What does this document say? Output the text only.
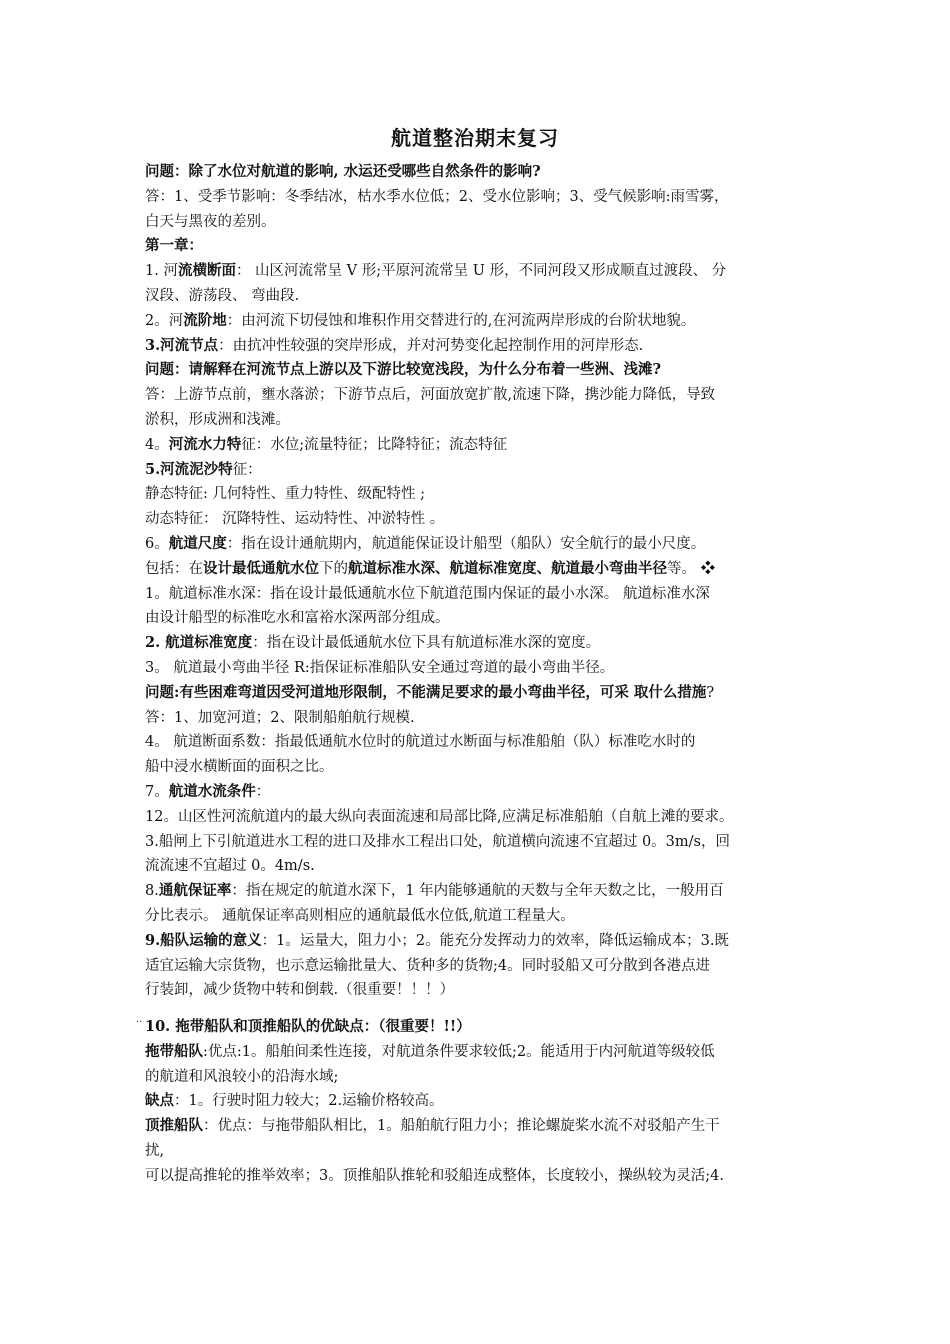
航道整治期末复习
问题：除了水位对航道的影响, 水运还受哪些自然条件的影响?
答：1、受季节影响：冬季结冰，枯水季水位低；2、受水位影响；3、受气候影响:雨雪雾，
白天与黑夜的差别。
第一章：
1. 河流横断面： 山区河流常呈 V 形;平原河流常呈 U 形，不同河段又形成顺直过渡段、 分
汊段、游荡段、 弯曲段.
2。河流阶地：由河流下切侵蚀和堆积作用交替进行的,在河流两岸形成的台阶状地貌。
3.河流节点：由抗冲性较强的突岸形成，并对河势变化起控制作用的河岸形态.
问题：请解释在河流节点上游以及下游比较宽浅段，为什么分布着一些洲、浅滩?
答：上游节点前，壅水落淤；下游节点后，河面放宽扩散,流速下降，携沙能力降低，导致
淤积，形成洲和浅滩。
4。河流水力特征：水位;流量特征；比降特征；流态特征
5.河流泥沙特征：
静态特征: 几何特性、重力特性、级配特性 ;
动态特征： 沉降特性、运动特性、冲淤特性 。
6。航道尺度：指在设计通航期内，航道能保证设计船型（船队）安全航行的最小尺度。
包括：在设计最低通航水位下的航道标准水深、航道标准宽度、航道最小弯曲半径等。 ❖
1。航道标准水深：指在设计最低通航水位下航道范围内保证的最小水深。 航道标准水深
由设计船型的标准吃水和富裕水深两部分组成。
2. 航道标准宽度：指在设计最低通航水位下具有航道标准水深的宽度。
3。 航道最小弯曲半径 R:指保证标准船队安全通过弯道的最小弯曲半径。
问题:有些困难弯道因受河道地形限制，不能满足要求的最小弯曲半径，可采 取什么措施?
答：1、加宽河道；2、限制船舶航行规模.
4。 航道断面系数：指最低通航水位时的航道过水断面与标准船舶（队）标准吃水时的
船中浸水横断面的面积之比。
7。航道水流条件：
12。山区性河流航道内的最大纵向表面流速和局部比降,应满足标准船舶（自航上滩的要求。
3.船闸上下引航道进水工程的进口及排水工程出口处，航道横向流速不宜超过 0。3m/s，回
流流速不宜超过 0。4m/s.
8.通航保证率：指在规定的航道水深下，1 年内能够通航的天数与全年天数之比，一般用百
分比表示。 通航保证率高则相应的通航最低水位低,航道工程量大。
9.船队运输的意义：1。运量大，阻力小；2。能充分发挥动力的效率，降低运输成本；3.既
适宜运输大宗货物，也示意运输批量大、货种多的货物;4。同时驳船又可分散到各港点进
行装卸，减少货物中转和倒载.（很重要！！！）
10. 拖带船队和顶推船队的优缺点：（很重要！!!）
拖带船队:优点:1。船舶间柔性连接，对航道条件要求较低;2。能适用于内河航道等级较低
的航道和风浪较小的沿海水域;
缺点：1。行驶时阻力较大；2.运输价格较高。
顶推船队：优点：与拖带船队相比，1。船舶航行阻力小；推论螺旋桨水流不对驳船产生干
扰,
可以提高推轮的推举效率；3。顶推船队推轮和驳船连成整体，长度较小，操纵较为灵活;4.
..
